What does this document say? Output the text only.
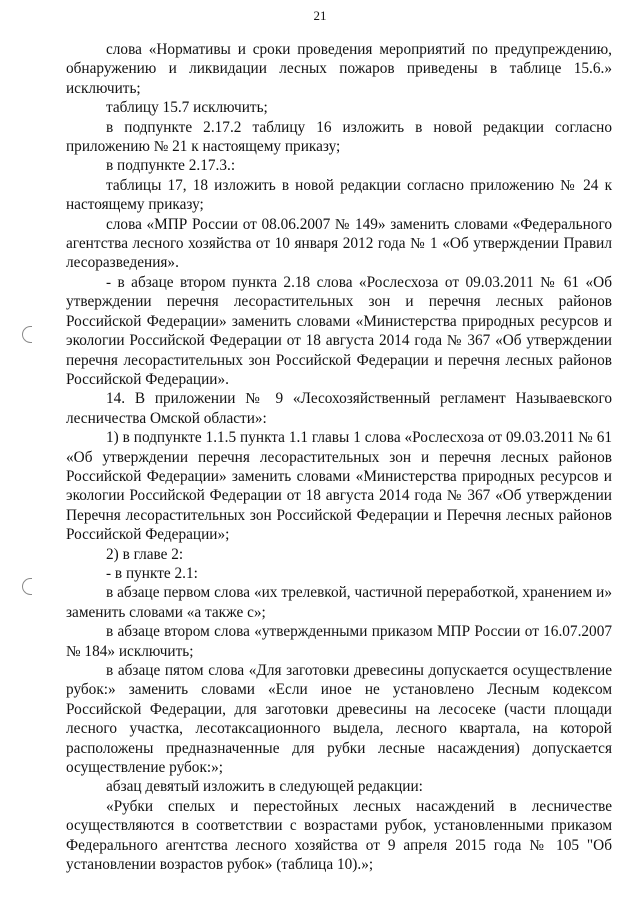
21

слова «Нормативы и сроки проведения мероприятий по предупреждению, обнаружению и ликвидации лесных пожаров приведены в таблице 15.6.» исключить;

таблицу 15.7 исключить;

в подпункте 2.17.2 таблицу 16 изложить в новой редакции согласно приложению № 21 к настоящему приказу;

в подпункте 2.17.3.:

таблицы 17, 18 изложить в новой редакции согласно приложению № 24 к настоящему приказу;

слова «МПР России от 08.06.2007 № 149» заменить словами «Федерального агентства лесного хозяйства от 10 января 2012 года № 1 «Об утверждении Правил лесоразведения».

- в абзаце втором пункта 2.18 слова «Рослесхоза от 09.03.2011 № 61 «Об утверждении перечня лесорастительных зон и перечня лесных районов Российской Федерации» заменить словами «Министерства природных ресурсов и экологии Российской Федерации от 18 августа 2014 года № 367 «Об утверждении перечня лесорастительных зон Российской Федерации и перечня лесных районов Российской Федерации».

14. В приложении № 9 «Лесохозяйственный регламент Называевского лесничества Омской области»:

1) в подпункте 1.1.5 пункта 1.1 главы 1 слова «Рослесхоза от 09.03.2011 № 61 «Об утверждении перечня лесорастительных зон и перечня лесных районов Российской Федерации» заменить словами «Министерства природных ресурсов и экологии Российской Федерации от 18 августа 2014 года № 367 «Об утверждении Перечня лесорастительных зон Российской Федерации и Перечня лесных районов Российской Федерации»;

2) в главе 2:

- в пункте 2.1:

в абзаце первом слова «их трелевкой, частичной переработкой, хранением и» заменить словами «а также с»;

в абзаце втором слова «утвержденными приказом МПР России от 16.07.2007 № 184» исключить;

в абзаце пятом слова «Для заготовки древесины допускается осуществление рубок:» заменить словами «Если иное не установлено Лесным кодексом Российской Федерации, для заготовки древесины на лесосеке (части площади лесного участка, лесотаксационного выдела, лесного квартала, на которой расположены предназначенные для рубки лесные насаждения) допускается осуществление рубок:»;

абзац девятый изложить в следующей редакции:

«Рубки спелых и перестойных лесных насаждений в лесничестве осуществляются в соответствии с возрастами рубок, установленными приказом Федерального агентства лесного хозяйства от 9 апреля 2015 года № 105 "Об установлении возрастов рубок» (таблица 10).»;
